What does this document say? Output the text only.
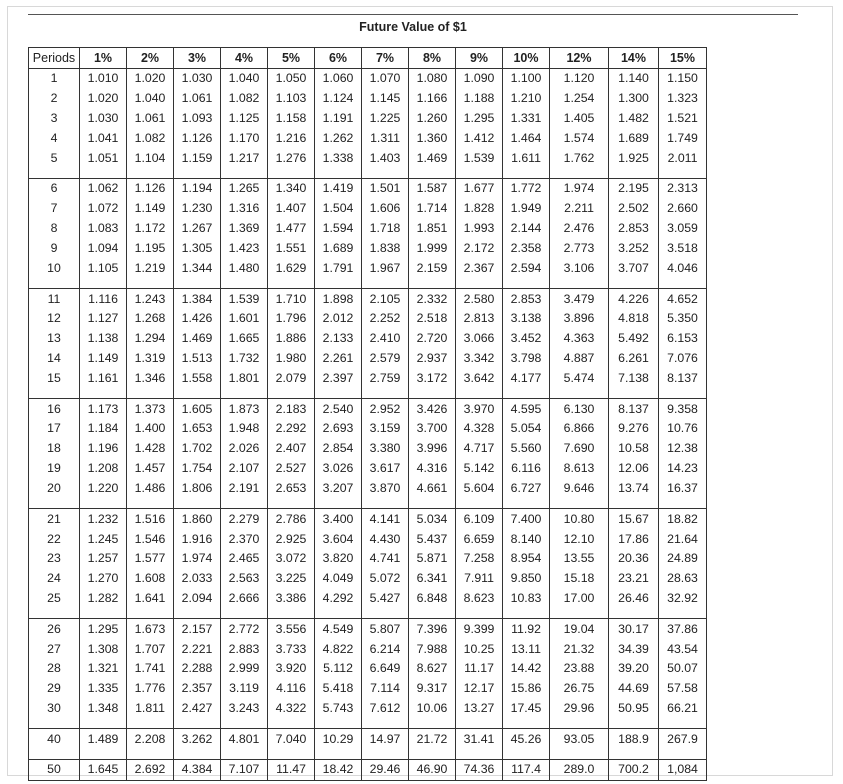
Future Value of $1
Periods	1%	2%	3%	4%	5%	6%	7%	8%	9%	10%	12%	14%	15%
1	1.010	1.020	1.030	1.040	1.050	1.060	1.070	1.080	1.090	1.100	1.120	1.140	1.150
2	1.020	1.040	1.061	1.082	1.103	1.124	1.145	1.166	1.188	1.210	1.254	1.300	1.323
3	1.030	1.061	1.093	1.125	1.158	1.191	1.225	1.260	1.295	1.331	1.405	1.482	1.521
4	1.041	1.082	1.126	1.170	1.216	1.262	1.311	1.360	1.412	1.464	1.574	1.689	1.749
5	1.051	1.104	1.159	1.217	1.276	1.338	1.403	1.469	1.539	1.611	1.762	1.925	2.011

6	1.062	1.126	1.194	1.265	1.340	1.419	1.501	1.587	1.677	1.772	1.974	2.195	2.313
7	1.072	1.149	1.230	1.316	1.407	1.504	1.606	1.714	1.828	1.949	2.211	2.502	2.660
8	1.083	1.172	1.267	1.369	1.477	1.594	1.718	1.851	1.993	2.144	2.476	2.853	3.059
9	1.094	1.195	1.305	1.423	1.551	1.689	1.838	1.999	2.172	2.358	2.773	3.252	3.518
10	1.105	1.219	1.344	1.480	1.629	1.791	1.967	2.159	2.367	2.594	3.106	3.707	4.046

11	1.116	1.243	1.384	1.539	1.710	1.898	2.105	2.332	2.580	2.853	3.479	4.226	4.652
12	1.127	1.268	1.426	1.601	1.796	2.012	2.252	2.518	2.813	3.138	3.896	4.818	5.350
13	1.138	1.294	1.469	1.665	1.886	2.133	2.410	2.720	3.066	3.452	4.363	5.492	6.153
14	1.149	1.319	1.513	1.732	1.980	2.261	2.579	2.937	3.342	3.798	4.887	6.261	7.076
15	1.161	1.346	1.558	1.801	2.079	2.397	2.759	3.172	3.642	4.177	5.474	7.138	8.137

16	1.173	1.373	1.605	1.873	2.183	2.540	2.952	3.426	3.970	4.595	6.130	8.137	9.358
17	1.184	1.400	1.653	1.948	2.292	2.693	3.159	3.700	4.328	5.054	6.866	9.276	10.76
18	1.196	1.428	1.702	2.026	2.407	2.854	3.380	3.996	4.717	5.560	7.690	10.58	12.38
19	1.208	1.457	1.754	2.107	2.527	3.026	3.617	4.316	5.142	6.116	8.613	12.06	14.23
20	1.220	1.486	1.806	2.191	2.653	3.207	3.870	4.661	5.604	6.727	9.646	13.74	16.37

21	1.232	1.516	1.860	2.279	2.786	3.400	4.141	5.034	6.109	7.400	10.80	15.67	18.82
22	1.245	1.546	1.916	2.370	2.925	3.604	4.430	5.437	6.659	8.140	12.10	17.86	21.64
23	1.257	1.577	1.974	2.465	3.072	3.820	4.741	5.871	7.258	8.954	13.55	20.36	24.89
24	1.270	1.608	2.033	2.563	3.225	4.049	5.072	6.341	7.911	9.850	15.18	23.21	28.63
25	1.282	1.641	2.094	2.666	3.386	4.292	5.427	6.848	8.623	10.83	17.00	26.46	32.92

26	1.295	1.673	2.157	2.772	3.556	4.549	5.807	7.396	9.399	11.92	19.04	30.17	37.86
27	1.308	1.707	2.221	2.883	3.733	4.822	6.214	7.988	10.25	13.11	21.32	34.39	43.54
28	1.321	1.741	2.288	2.999	3.920	5.112	6.649	8.627	11.17	14.42	23.88	39.20	50.07
29	1.335	1.776	2.357	3.119	4.116	5.418	7.114	9.317	12.17	15.86	26.75	44.69	57.58
30	1.348	1.811	2.427	3.243	4.322	5.743	7.612	10.06	13.27	17.45	29.96	50.95	66.21

40	1.489	2.208	3.262	4.801	7.040	10.29	14.97	21.72	31.41	45.26	93.05	188.9	267.9

50	1.645	2.692	4.384	7.107	11.47	18.42	29.46	46.90	74.36	117.4	289.0	700.2	1,084
